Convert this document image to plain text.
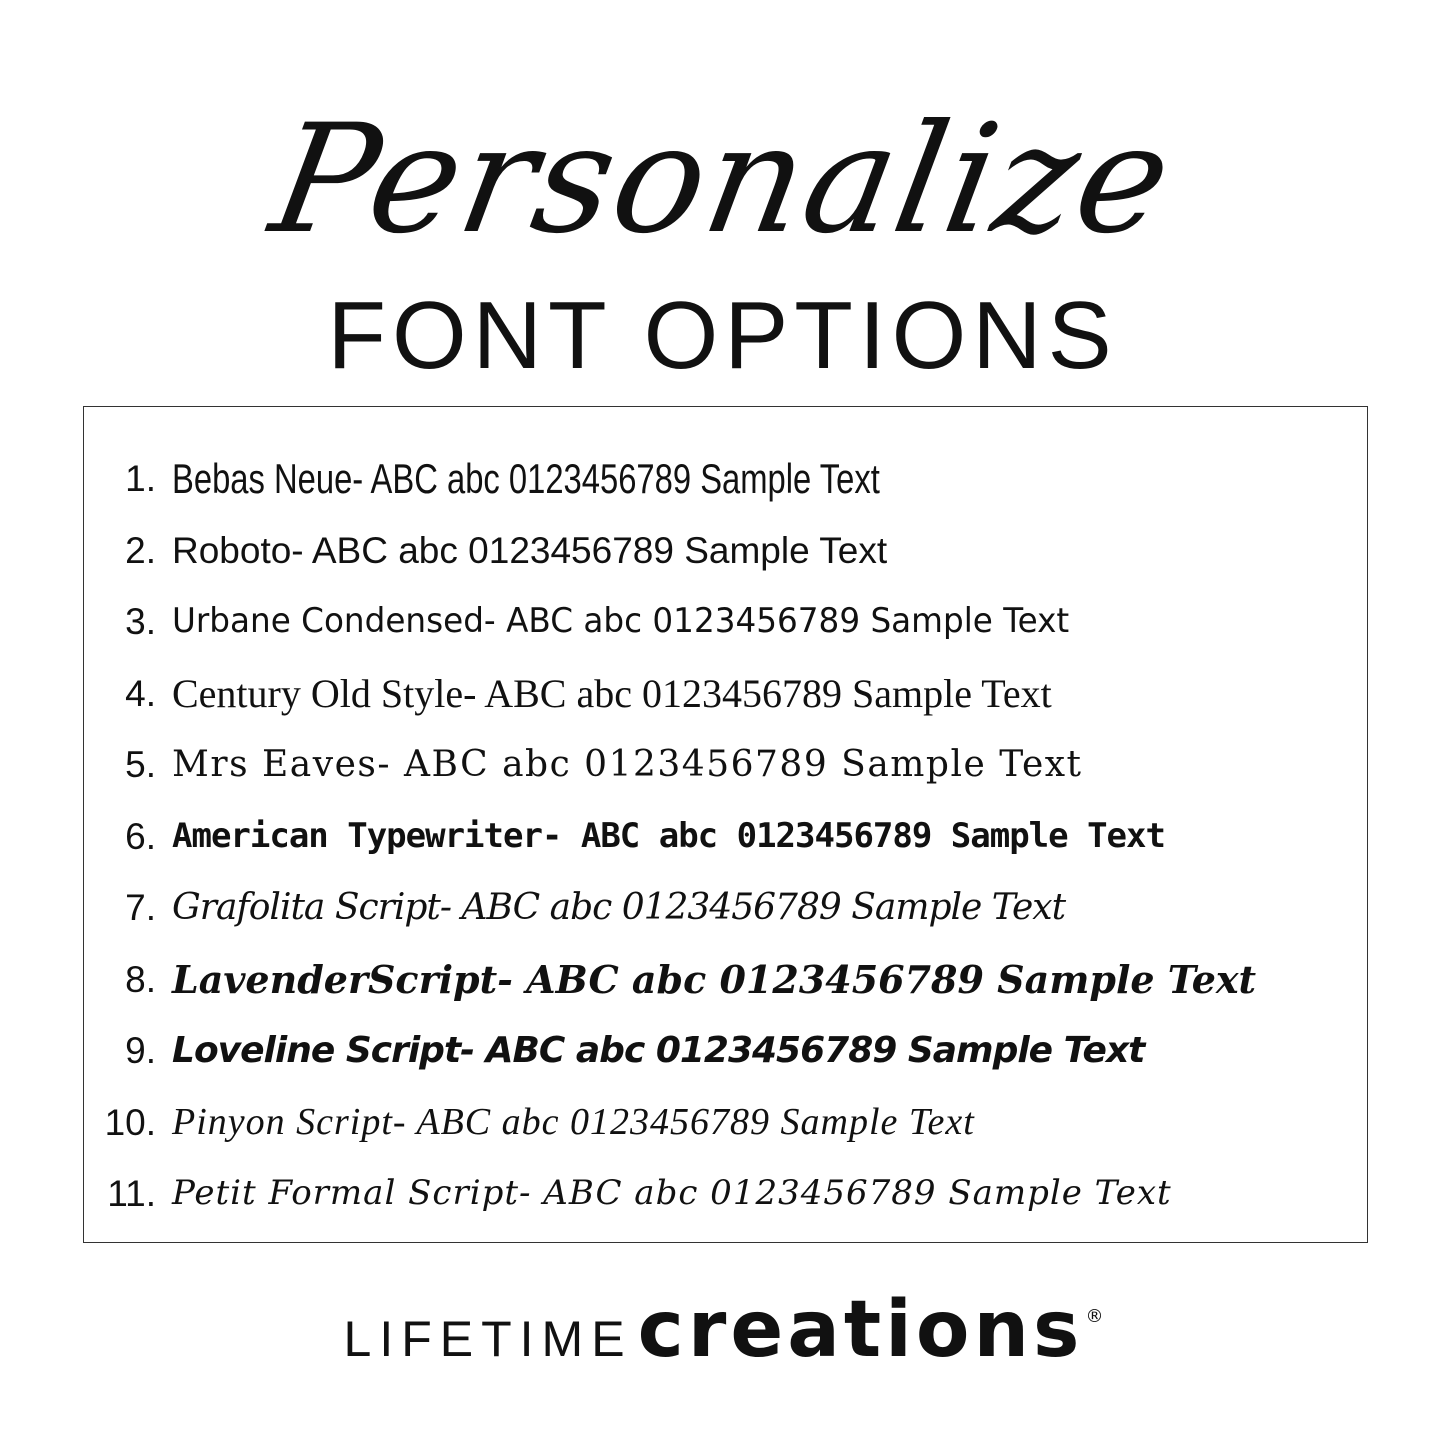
Personalize
FONT OPTIONS
1. Bebas Neue- ABC abc 0123456789 Sample Text
2. Roboto- ABC abc 0123456789 Sample Text
3. Urbane Condensed- ABC abc 0123456789 Sample Text
4. Century Old Style- ABC abc 0123456789 Sample Text
5. Mrs Eaves- ABC abc 0123456789 Sample Text
6. American Typewriter- ABC abc 0123456789 Sample Text
7. Grafolita Script- ABC abc 0123456789 Sample Text
8. LavenderScript- ABC abc 0123456789 Sample Text
9. Loveline Script- ABC abc 0123456789 Sample Text
10. Pinyon Script- ABC abc 0123456789 Sample Text
11. Petit Formal Script- ABC abc 0123456789 Sample Text
LIFETIME creations ®
